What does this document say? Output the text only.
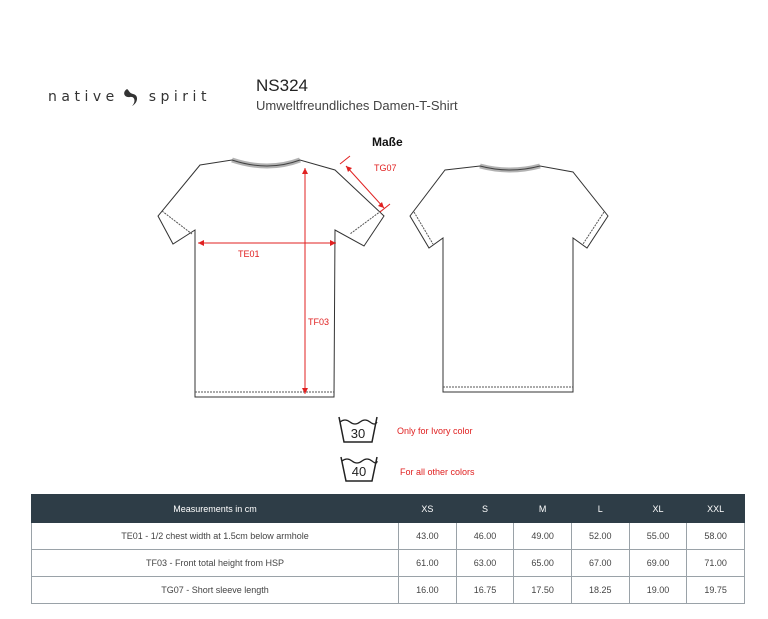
native spirit
NS324
Umweltfreundliches Damen-T-Shirt
Maße
TE01
TF03
TG07
30	Only for Ivory color
40	For all other colors
Measurements in cm	XS	S	M	L	XL	XXL
TE01 - 1/2 chest width at 1.5cm below armhole	43.00	46.00	49.00	52.00	55.00	58.00
TF03 - Front total height from HSP	61.00	63.00	65.00	67.00	69.00	71.00
TG07 - Short sleeve length	16.00	16.75	17.50	18.25	19.00	19.75
